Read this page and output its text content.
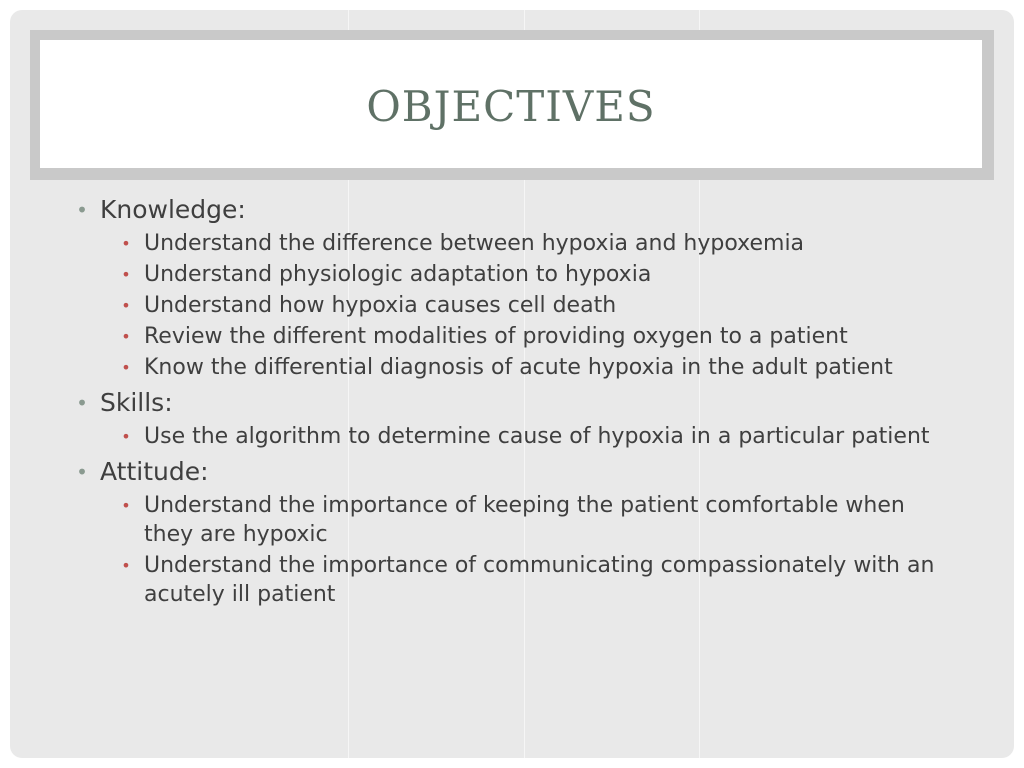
OBJECTIVES
• Knowledge:
• Understand the difference between hypoxia and hypoxemia
• Understand physiologic adaptation to hypoxia
• Understand how hypoxia causes cell death
• Review the different modalities of providing oxygen to a patient
• Know the differential diagnosis of acute hypoxia in the adult patient
• Skills:
• Use the algorithm to determine cause of hypoxia in a particular patient
• Attitude:
• Understand the importance of keeping the patient comfortable when they are hypoxic
• Understand the importance of communicating compassionately with an acutely ill patient
